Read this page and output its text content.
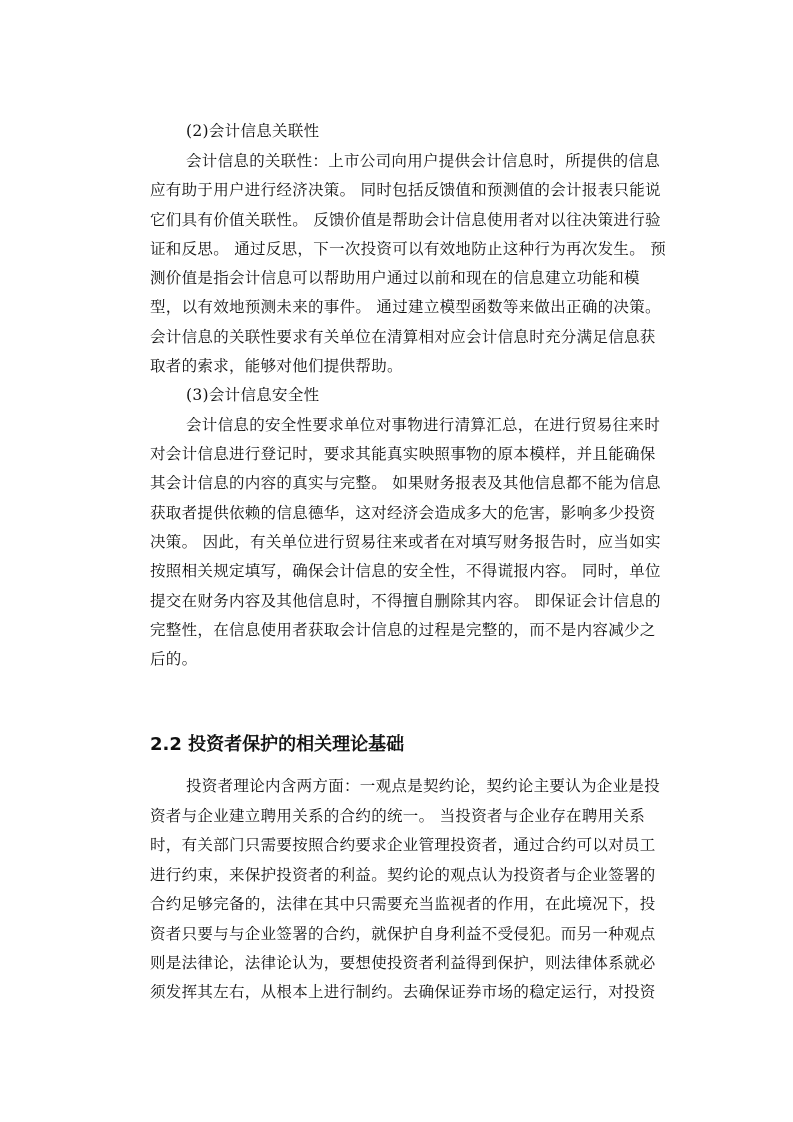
(2)会计信息关联性
会计信息的关联性：上市公司向用户提供会计信息时，所提供的信息
应有助于用户进行经济决策。 同时包括反馈值和预测值的会计报表只能说
它们具有价值关联性。 反馈价值是帮助会计信息使用者对以往决策进行验
证和反思。 通过反思，下一次投资可以有效地防止这种行为再次发生。 预
测价值是指会计信息可以帮助用户通过以前和现在的信息建立功能和模
型，以有效地预测未来的事件。 通过建立模型函数等来做出正确的决策。
会计信息的关联性要求有关单位在清算相对应会计信息时充分满足信息获
取者的索求，能够对他们提供帮助。
(3)会计信息安全性
会计信息的安全性要求单位对事物进行清算汇总，在进行贸易往来时
对会计信息进行登记时，要求其能真实映照事物的原本模样，并且能确保
其会计信息的内容的真实与完整。 如果财务报表及其他信息都不能为信息
获取者提供依赖的信息德华，这对经济会造成多大的危害，影响多少投资
决策。 因此，有关单位进行贸易往来或者在对填写财务报告时，应当如实
按照相关规定填写，确保会计信息的安全性，不得谎报内容。 同时，单位
提交在财务内容及其他信息时，不得擅自删除其内容。 即保证会计信息的
完整性，在信息使用者获取会计信息的过程是完整的，而不是内容减少之
后的。
2.2 投资者保护的相关理论基础
投资者理论内含两方面：一观点是契约论，契约论主要认为企业是投
资者与企业建立聘用关系的合约的统一。 当投资者与企业存在聘用关系
时，有关部门只需要按照合约要求企业管理投资者，通过合约可以对员工
进行约束，来保护投资者的利益。契约论的观点认为投资者与企业签署的
合约足够完备的，法律在其中只需要充当监视者的作用，在此境况下，投
资者只要与与企业签署的合约，就保护自身利益不受侵犯。而另一种观点
则是法律论，法律论认为，要想使投资者利益得到保护，则法律体系就必
须发挥其左右，从根本上进行制约。去确保证券市场的稳定运行，对投资
